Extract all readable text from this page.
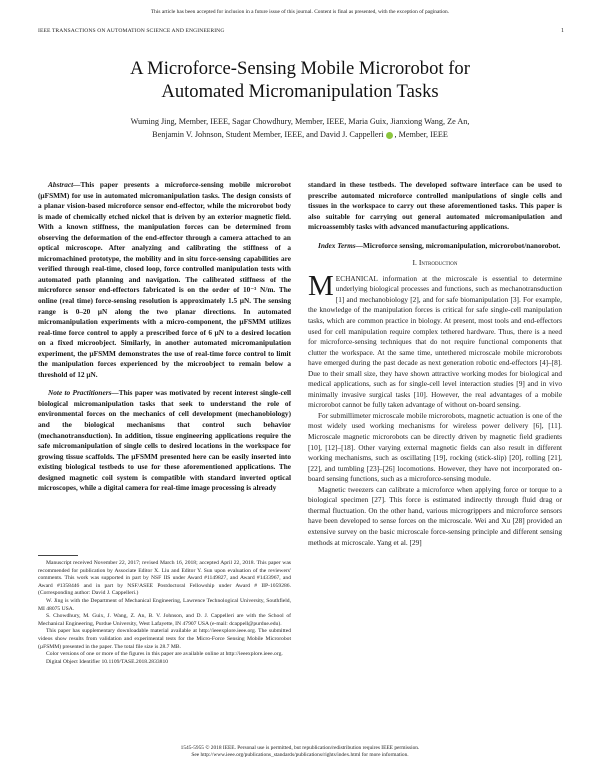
This article has been accepted for inclusion in a future issue of this journal. Content is final as presented, with the exception of pagination.
IEEE TRANSACTIONS ON AUTOMATION SCIENCE AND ENGINEERING	1
A Microforce-Sensing Mobile Microrobot for
Automated Micromanipulation Tasks
Wuming Jing, Member, IEEE, Sagar Chowdhury, Member, IEEE, Maria Guix, Jianxiong Wang, Ze An,
Benjamin V. Johnson, Student Member, IEEE, and David J. Cappelleri , Member, IEEE

Abstract—This paper presents a microforce-sensing mobile microrobot (µFSMM) for use in automated micromanipulation tasks. The design consists of a planar vision-based microforce sensor end-effector, while the microrobot body is made of chemically etched nickel that is driven by an exterior magnetic field. With a known stiffness, the manipulation forces can be determined from observing the deformation of the end-effector through a camera attached to an optical microscope. After analyzing and calibrating the stiffness of a micromachined prototype, the mobility and in situ force-sensing capabilities are verified through real-time, closed loop, force controlled manipulation tests with automated path planning and navigation. The calibrated stiffness of the microforce sensor end-effectors fabricated is on the order of 10⁻³ N/m. The online (real time) force-sensing resolution is approximately 1.5 µN. The sensing range is 0–20 µN along the two planar directions. In automated micromanipulation experiments with a micro-component, the µFSMM utilizes real-time force control to apply a prescribed force of 6 µN to a desired location on a fixed microobject. Similarly, in another automated micromanipulation experiment, the µFSMM demonstrates the use of real-time force control to limit the manipulation forces experienced by the microobject to remain below a threshold of 12 µN.

Note to Practitioners—This paper was motivated by recent interest single-cell biological micromanipulation tasks that seek to understand the role of environmental forces on the mechanics of cell development (mechanobiology) and the biological mechanisms that control such behavior (mechanotransduction). In addition, tissue engineering applications require the safe micromanipulation of single cells to desired locations in the workspace for growing tissue scaffolds. The µFSMM presented here can be easily inserted into existing biological testbeds to use for these aforementioned applications. The designed magnetic coil system is compatible with standard inverted optical microscopes, while a digital camera for real-time image processing is already

Manuscript received November 22, 2017; revised March 16, 2018; accepted April 22, 2018. This paper was recommended for publication by Associate Editor X. Liu and Editor Y. Sun upon evaluation of the reviewers' comments. This work was supported in part by NSF IIS under Award #1149827, and Award #1433967, and Award #1358446 and in part by NSF/ASEE Postdoctoral Fellowship under Award # IIP-1059286. (Corresponding author: David J. Cappelleri.)

W. Jing is with the Department of Mechanical Engineering, Lawrence Technological University, Southfield, MI 48075 USA.

S. Chowdhury, M. Guix, J. Wang, Z. An, B. V. Johnson, and D. J. Cappelleri are with the School of Mechanical Engineering, Purdue University, West Lafayette, IN 47907 USA (e-mail: dcappell@purdue.edu).

This paper has supplementary downloadable material available at http://ieeexplore.ieee.org. The submitted videos show results from validation and experimental tests for the Micro-Force Sensing Mobile Microrobot (µFSMM) presented in the paper. The total file size is 28.7 MB.

Color versions of one or more of the figures in this paper are available online at http://ieeexplore.ieee.org.

Digital Object Identifier 10.1109/TASE.2018.2833810

standard in these testbeds. The developed software interface can be used to prescribe automated microforce controlled manipulations of single cells and tissues in the workspace to carry out these aforementioned tasks. This paper is also suitable for carrying out general automated micromanipulation and microassembly tasks with advanced manufacturing applications.

Index Terms—Microforce sensing, micromanipulation, microrobot/nanorobot.

I. Introduction

MECHANICAL information at the microscale is essential to determine underlying biological processes and functions, such as mechanotransduction [1] and mechanobiology [2], and for safe biomanipulation [3]. For example, the knowledge of the manipulation forces is critical for safe single-cell manipulation tasks, which are common practice in biology. At present, most tools and end-effectors used for cell manipulation require complex tethered hardware. Thus, there is a need for microforce-sensing techniques that do not require functional components that clutter the workspace. At the same time, untethered microscale mobile microrobots have emerged during the past decade as next generation robotic end-effectors [4]–[8]. Due to their small size, they have shown attractive working modes for biological and medical applications, such as for single-cell level interaction studies [9] and in vivo minimally invasive surgical tasks [10]. However, the real advantages of a mobile microrobot cannot be fully taken advantage of without on-board sensing.

For submillimeter microscale mobile microrobots, magnetic actuation is one of the most widely used working mechanisms for wireless power delivery [6], [11]. Microscale magnetic microrobots can be directly driven by magnetic field gradients [10], [12]–[18]. Other varying external magnetic fields can also result in different working mechanisms, such as oscillating [19], rocking (stick-slip) [20], rolling [21], [22], and tumbling [23]–[26] locomotions. However, they have not incorporated on-board sensing functions, such as a microforce-sensing module.

Magnetic tweezers can calibrate a microforce when applying force or torque to a biological specimen [27]. This force is estimated indirectly through fluid drag or thermal fluctuation. On the other hand, various microgrippers and microforce sensors have been developed to sense forces on the microscale. Wei and Xu [28] provided an extensive survey on the basic microscale force-sensing principle and different sensing methods at microscale. Yang et al. [29]

1545-5955 © 2018 IEEE. Personal use is permitted, but republication/redistribution requires IEEE permission.
See http://www.ieee.org/publications_standards/publications/rights/index.html for more information.
